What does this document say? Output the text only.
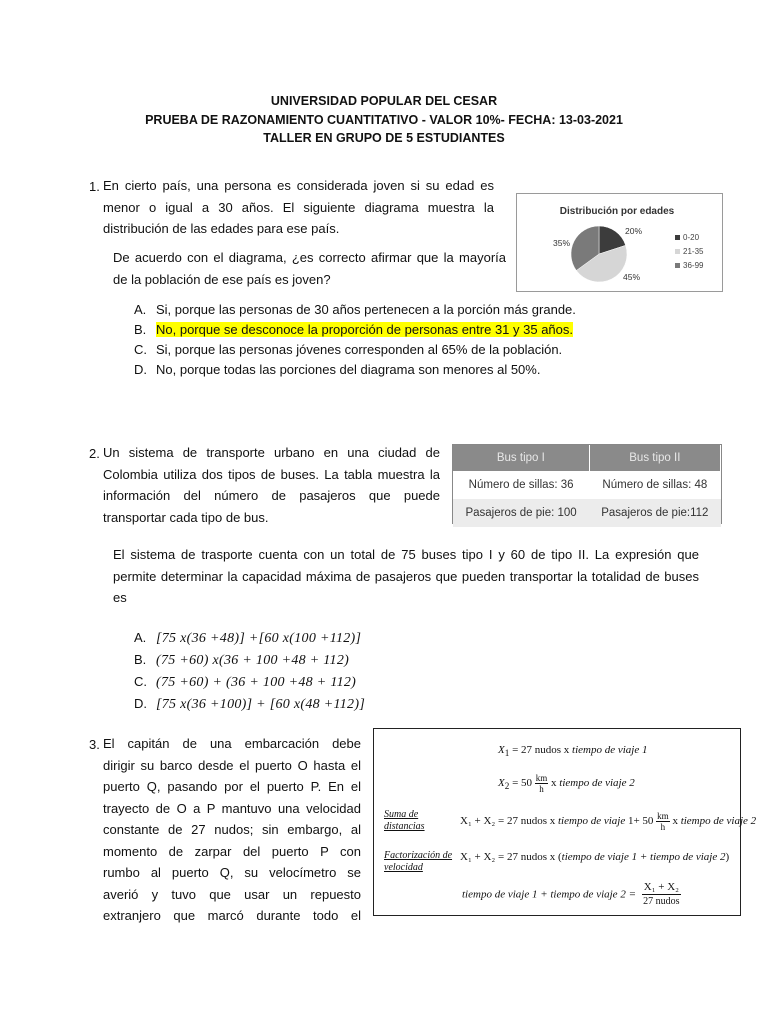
UNIVERSIDAD POPULAR DEL CESAR
PRUEBA DE RAZONAMIENTO CUANTITATIVO - VALOR 10%- FECHA: 13-03-2021
TALLER EN GRUPO DE 5 ESTUDIANTES
1. En cierto país, una persona es considerada joven si su edad es menor o igual a 30 años. El siguiente diagrama muestra la distribución de las edades para ese país.
De acuerdo con el diagrama, ¿es correcto afirmar que la mayoría de la población de ese país es joven?
Distribución por edades
20%
45%
35%
0-20
21-35
36-99
A. Si, porque las personas de 30 años pertenecen a la porción más grande.
B. No, porque se desconoce la proporción de personas entre 31 y 35 años.
C. Si, porque las personas jóvenes corresponden al 65% de la población.
D. No, porque todas las porciones del diagrama son menores al 50%.
2. Un sistema de transporte urbano en una ciudad de Colombia utiliza dos tipos de buses. La tabla muestra la información del número de pasajeros que puede transportar cada tipo de bus.
Bus tipo I	Bus tipo II
Número de sillas: 36	Número de sillas: 48
Pasajeros de pie: 100	Pasajeros de pie:112
El sistema de trasporte cuenta con un total de 75 buses tipo I y 60 de tipo II. La expresión que permite determinar la capacidad máxima de pasajeros que pueden transportar la totalidad de buses es
A. [75 x(36 +48)] +[60 x(100 +112)]
B. (75 +60) x(36 + 100 +48 + 112)
C. (75 +60) + (36 + 100 +48 + 112)
D. [75 x(36 +100)] + [60 x(48 +112)]
3. El capitán de una embarcación debe
dirigir su barco desde el puerto O hasta el
puerto Q, pasando por el puerto P. En el
trayecto de O a P mantuvo una velocidad
constante de 27 nudos; sin embargo, al
momento de zarpar del puerto P con
rumbo al puerto Q, su velocímetro se
averió y tuvo que usar un repuesto
extranjero que marcó durante todo el
$X_1 = 27$ nudos x tiempo de viaje 1
$X_2 = 50 \frac{km}{h}$ x tiempo de viaje 2
Suma de distancias	X₁ + X₂ = 27 nudos x tiempo de viaje $1+ 50 \frac{km}{h}$ x tiempo de viaje 2
Factorización de velocidad
X₁ + X₂ = 27 nudos x (tiempo de viaje 1 + tiempo de viaje 2)
tiempo de viaje 1 + tiempo de viaje 2 =
X₁ + X₂
27 nudos
